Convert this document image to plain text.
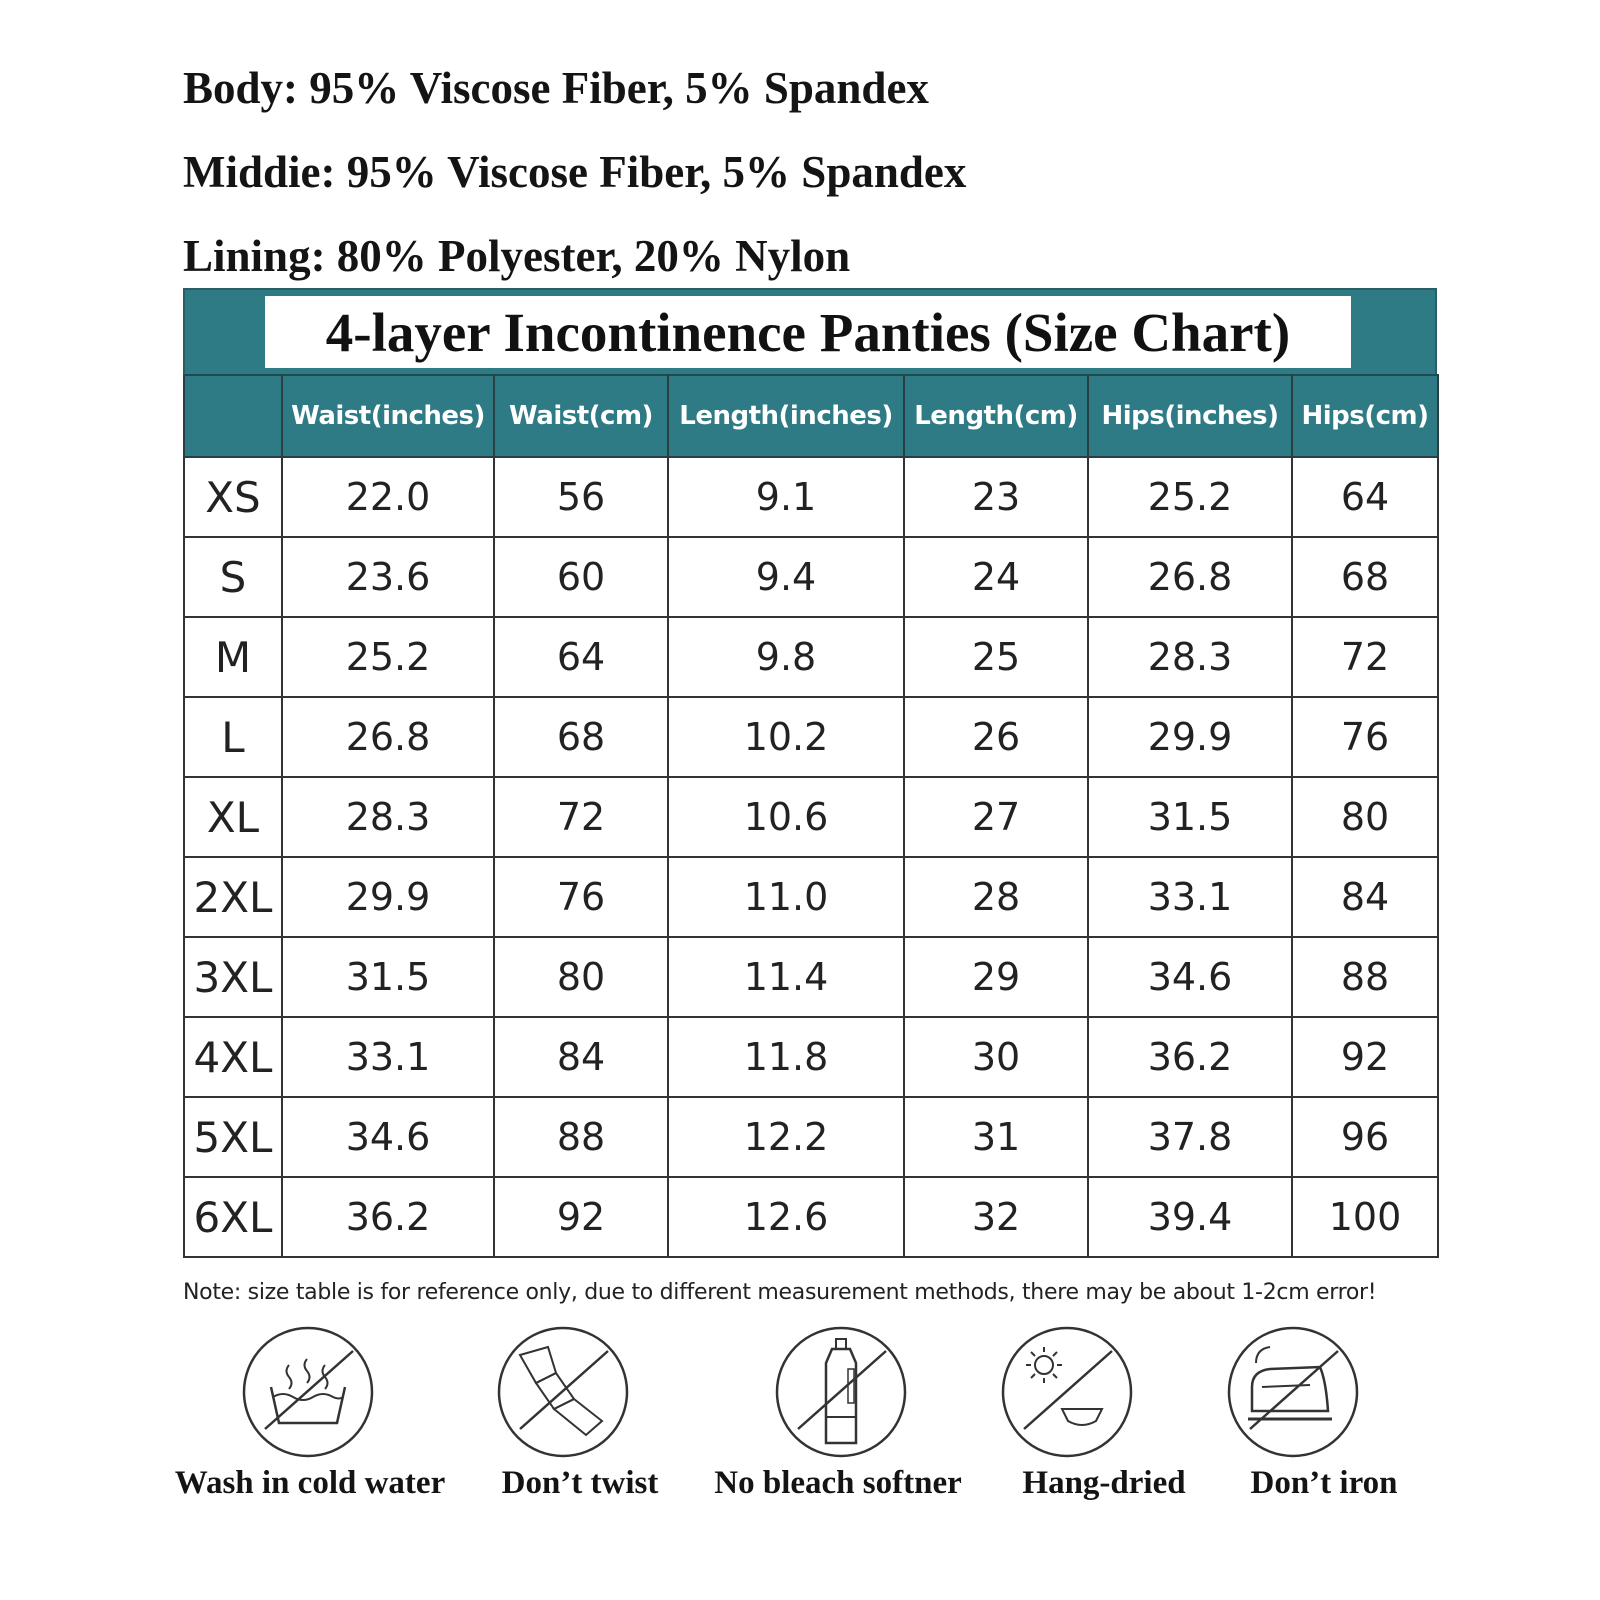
Body: 95% Viscose Fiber, 5% Spandex
Middie: 95% Viscose Fiber, 5% Spandex
Lining: 80% Polyester, 20% Nylon
4-layer Incontinence Panties (Size Chart)
	Waist(inches)	Waist(cm)	Length(inches)	Length(cm)	Hips(inches)	Hips(cm)
XS	22.0	56	9.1	23	25.2	64
S	23.6	60	9.4	24	26.8	68
M	25.2	64	9.8	25	28.3	72
L	26.8	68	10.2	26	29.9	76
XL	28.3	72	10.6	27	31.5	80
2XL	29.9	76	11.0	28	33.1	84
3XL	31.5	80	11.4	29	34.6	88
4XL	33.1	84	11.8	30	36.2	92
5XL	34.6	88	12.2	31	37.8	96
6XL	36.2	92	12.6	32	39.4	100
Note: size table is for reference only, due to different measurement methods, there may be about 1-2cm error!
Wash in cold water Don’t twist No bleach softner Hang-dried Don’t iron
